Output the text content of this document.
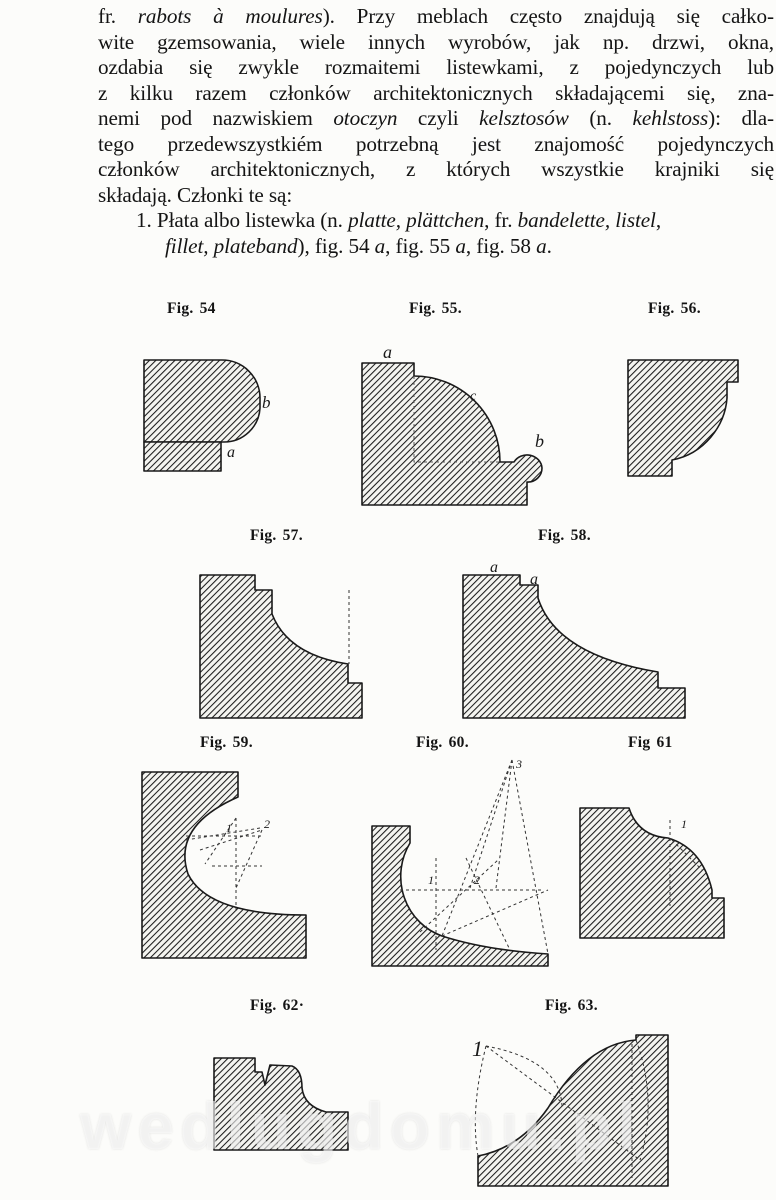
fr. rabots à moulures). Przy meblach często znajdują się całko-
wite gzemsowania, wiele innych wyrobów, jak np. drzwi, okna,
ozdabia się zwykle rozmaitemi listewkami, z pojedynczych lub
z kilku razem członków architektonicznych składającemi się, zna-
nemi pod nazwiskiem otoczyn czyli kelsztosów (n. kehlstoss): dla-
tego przedewszystkiém potrzebną jest znajomość pojedynczych
członków architektonicznych, z których wszystkie krajniki się
składają. Członki te są:
1. Płata albo listewka (n. platte, plättchen, fr. bandelette, listel,
fillet, plateband), fig. 54 a, fig. 55 a, fig. 58 a.
Fig. 54	Fig. 55.	Fig. 56.
Fig. 57.	Fig. 58.
Fig. 59.	Fig. 60.	Fig 61
Fig. 62·	Fig. 63.
b
a
a
c
b
a
a
1	2
3
1	2
1
1
wedlugdomu.pl
